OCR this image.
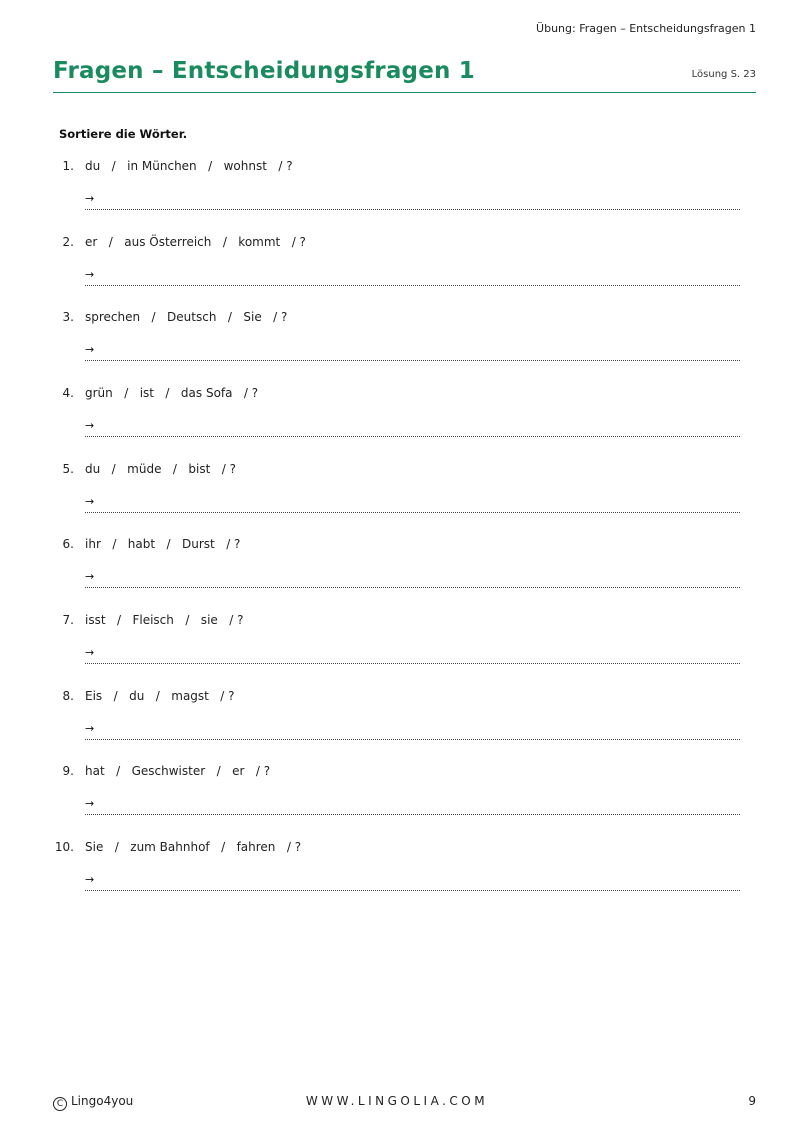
Übung: Fragen – Entscheidungsfragen 1
Fragen – Entscheidungsfragen 1	Lösung S. 23
Sortiere die Wörter.
1. du   /   in München   /   wohnst   / ?
→
2. er   /   aus Österreich   /   kommt   / ?
→
3. sprechen   /   Deutsch   /   Sie   / ?
→
4. grün   /   ist   /   das Sofa   / ?
→
5. du   /   müde   /   bist   / ?
→
6. ihr   /   habt   /   Durst   / ?
→
7. isst   /   Fleisch   /   sie   / ?
→
8. Eis   /   du   /   magst   / ?
→
9. hat   /   Geschwister   /   er   / ?
→
10. Sie   /   zum Bahnhof   /   fahren   / ?
→
C Lingo4you	WWW.LINGOLIA.COM	9
